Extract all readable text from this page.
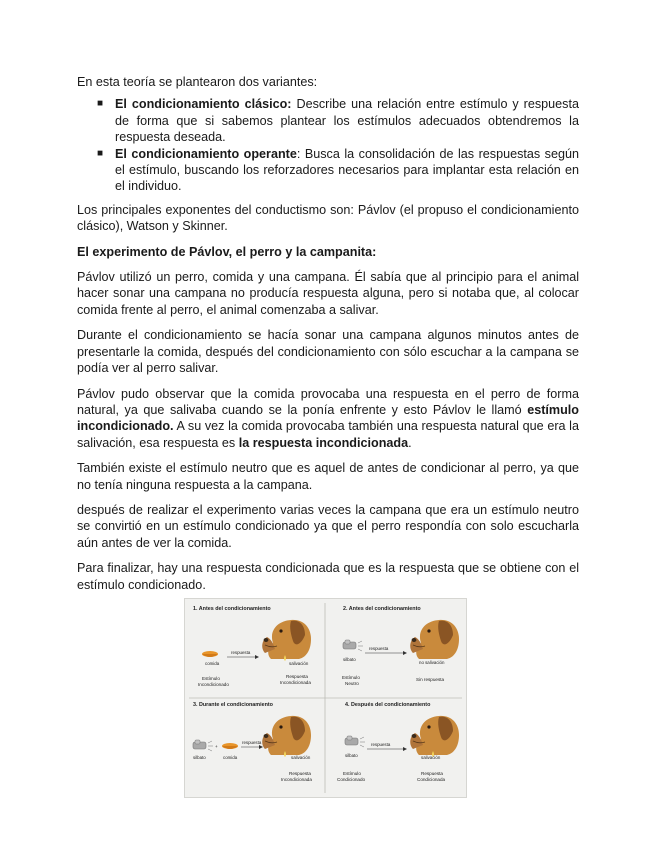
En esta teoría se plantearon dos variantes:

■ El condicionamiento clásico: Describe una relación entre estímulo y respuesta de forma que si sabemos plantear los estímulos adecuados obtendremos la respuesta deseada.
■ El condicionamiento operante: Busca la consolidación de las respuestas según el estímulo, buscando los reforzadores necesarios para implantar esta relación en el individuo.

Los principales exponentes del conductismo son: Pávlov (el propuso el condicionamiento clásico), Watson y Skinner.

El experimento de Pávlov, el perro y la campanita:

Pávlov utilizó un perro, comida y una campana. Él sabía que al principio para el animal hacer sonar una campana no producía respuesta alguna, pero si notaba que, al colocar comida frente al perro, el animal comenzaba a salivar.

Durante el condicionamiento se hacía sonar una campana algunos minutos antes de presentarle la comida, después del condicionamiento con sólo escuchar a la campana se podía ver al perro salivar.

Pávlov pudo observar que la comida provocaba una respuesta en el perro de forma natural, ya que salivaba cuando se la ponía enfrente y esto Pávlov le llamó estímulo incondicionado. A su vez la comida provocaba también una respuesta natural que era la salivación, esa respuesta es la respuesta incondicionada.

También existe el estímulo neutro que es aquel de antes de condicionar al perro, ya que no tenía ninguna respuesta a la campana.

después de realizar el experimento varias veces la campana que era un estímulo neutro se convirtió en un estímulo condicionado ya que el perro respondía con solo escucharla aún antes de ver la comida.

Para finalizar, hay una respuesta condicionada que es la respuesta que se obtiene con el estímulo condicionado.

1. Antes del condicionamiento
comida
respuesta
salivación
Estímulo
Incondicionado
Respuesta
Incondicionada
2. Antes del condicionamiento
silbato
respuesta
no salivación
Estímulo
Neutro
Sin respuesta
3. Durante el condicionamiento
+
silbato	comida
respuesta
salivación
Respuesta
Incondicionada
4. Después del condicionamiento
silbato
respuesta
salivación
Estímulo
Condicionado
Respuesta
Condicionada
